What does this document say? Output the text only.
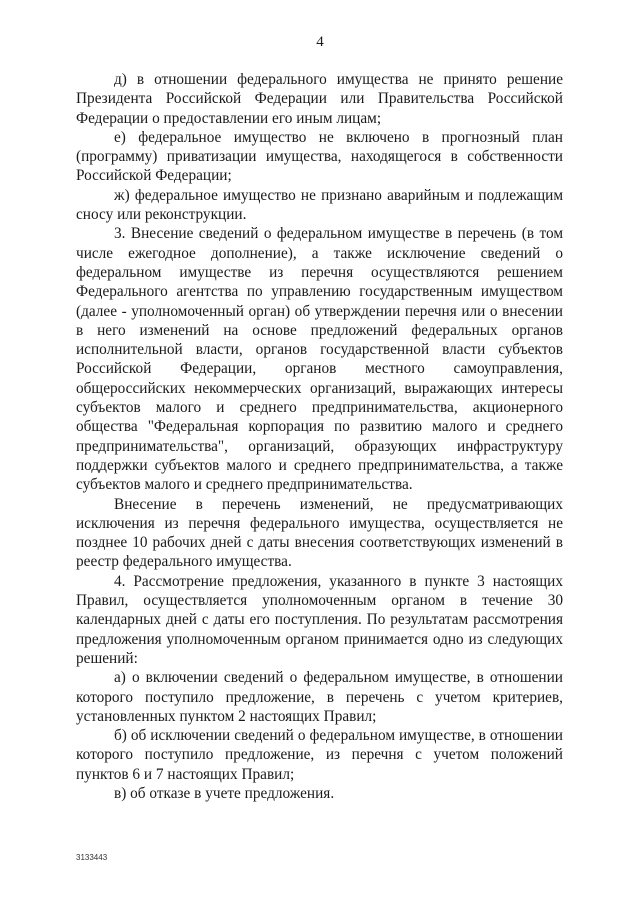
4

д) в отношении федерального имущества не принято решение Президента Российской Федерации или Правительства Российской Федерации о предоставлении его иным лицам;

е) федеральное имущество не включено в прогнозный план (программу) приватизации имущества, находящегося в собственности Российской Федерации;

ж) федеральное имущество не признано аварийным и подлежащим сносу или реконструкции.

3. Внесение сведений о федеральном имуществе в перечень (в том числе ежегодное дополнение), а также исключение сведений о федеральном имуществе из перечня осуществляются решением Федерального агентства по управлению государственным имуществом (далее - уполномоченный орган) об утверждении перечня или о внесении в него изменений на основе предложений федеральных органов исполнительной власти, органов государственной власти субъектов Российской Федерации, органов местного самоуправления, общероссийских некоммерческих организаций, выражающих интересы субъектов малого и среднего предпринимательства, акционерного общества "Федеральная корпорация по развитию малого и среднего предпринимательства", организаций, образующих инфраструктуру поддержки субъектов малого и среднего предпринимательства, а также субъектов малого и среднего предпринимательства.

Внесение в перечень изменений, не предусматривающих исключения из перечня федерального имущества, осуществляется не позднее 10 рабочих дней с даты внесения соответствующих изменений в реестр федерального имущества.

4. Рассмотрение предложения, указанного в пункте 3 настоящих Правил, осуществляется уполномоченным органом в течение 30 календарных дней с даты его поступления. По результатам рассмотрения предложения уполномоченным органом принимается одно из следующих решений:

а) о включении сведений о федеральном имуществе, в отношении которого поступило предложение, в перечень с учетом критериев, установленных пунктом 2 настоящих Правил;

б) об исключении сведений о федеральном имуществе, в отношении которого поступило предложение, из перечня с учетом положений пунктов 6 и 7 настоящих Правил;

в) об отказе в учете предложения.

3133443
